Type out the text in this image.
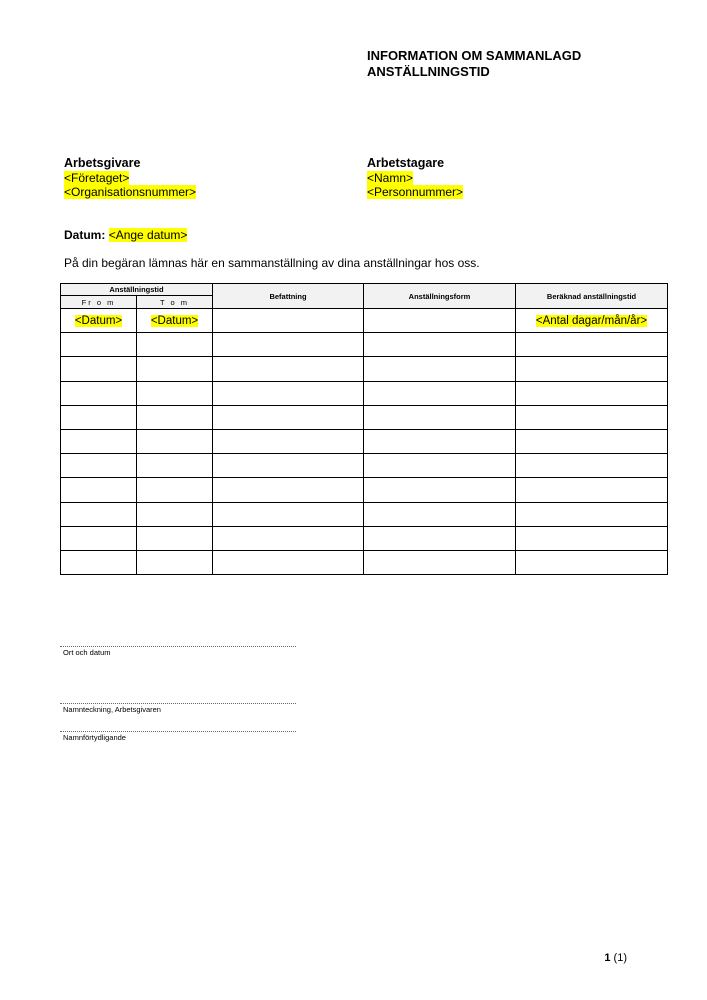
INFORMATION OM SAMMANLAGD
ANSTÄLLNINGSTID
Arbetsgivare
<Företaget>
<Organisationsnummer>
Arbetstagare
<Namn>
<Personnummer>
Datum: <Ange datum>
På din begäran lämnas här en sammanställning av dina anställningar hos oss.
Anställningstid		Befattning	Anställningsform	Beräknad anställningstid
Fr o m	T o m			
<Datum>	<Datum>			<Antal dagar/mån/år>

Ort och datum
Namnteckning, Arbetsgivaren
Namnförtydligande
1 (1)
